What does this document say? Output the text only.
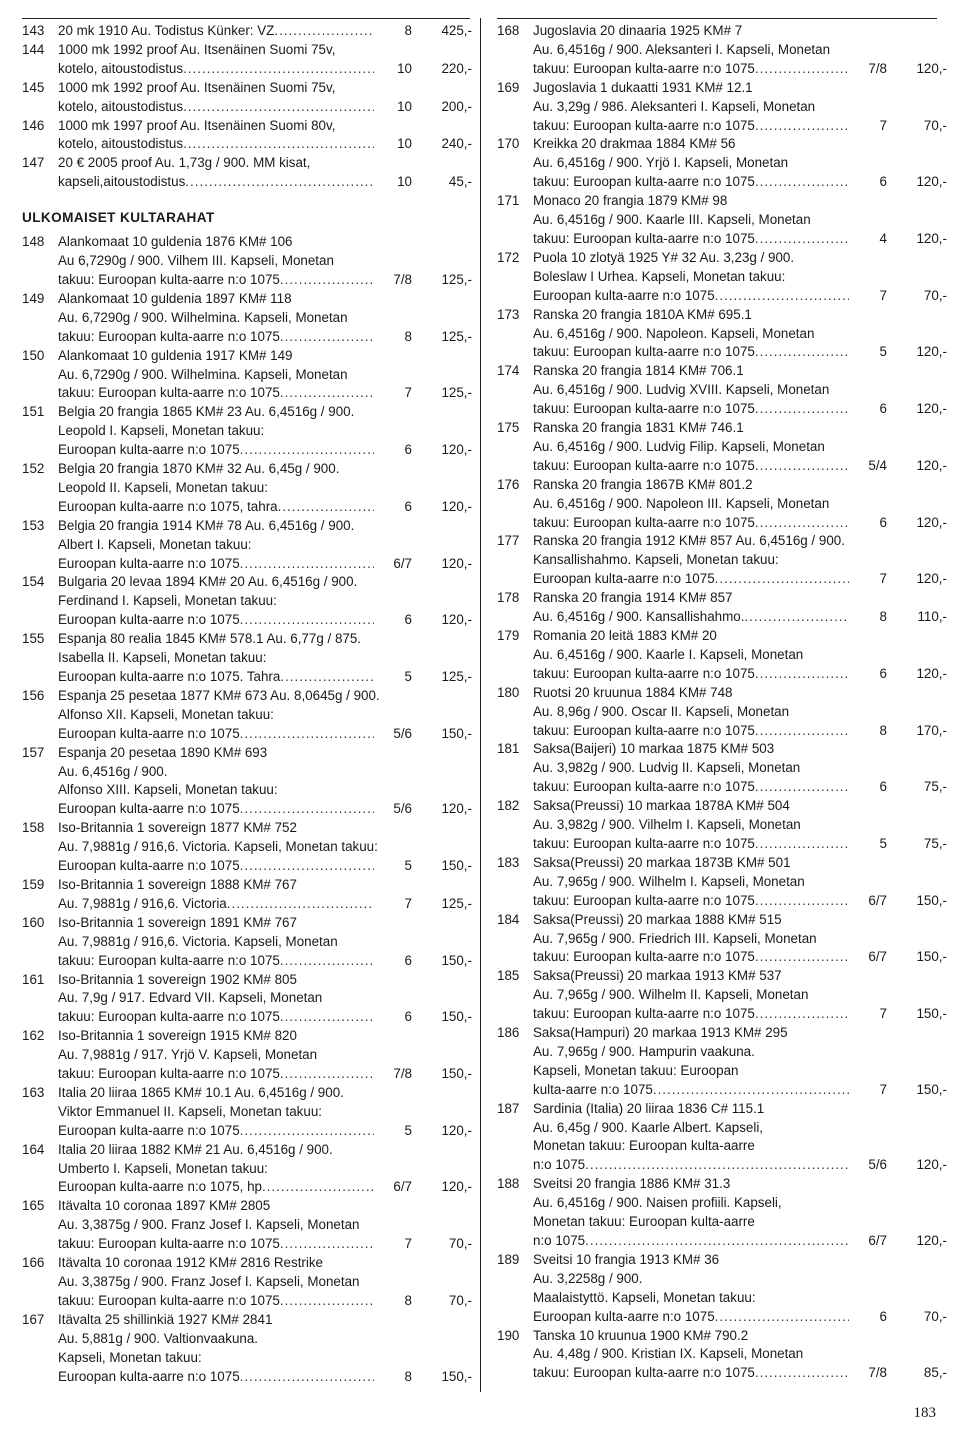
143	20 mk 1910 Au. Todistus Künker: VZ .....	8	425,-
144	1000 mk 1992 proof Au. Itsenäinen Suomi 75v,
kotelo, aitoustodistus .....	10	220,-
145	1000 mk 1992 proof Au. Itsenäinen Suomi 75v,
kotelo, aitoustodistus .....	10	200,-
146	1000 mk 1997 proof Au. Itsenäinen Suomi 80v,
kotelo, aitoustodistus .....	10	240,-
147	20 € 2005 proof Au. 1,73g / 900. MM kisat,
kapseli,aitoustodistus .....	10	45,-
ULKOMAISET KULTARAHAT
148	Alankomaat 10 guldenia 1876 KM# 106
Au 6,7290g / 900. Vilhem III. Kapseli, Monetan
takuu: Euroopan kulta-aarre n:o 1075 .....	7/8	125,-
149	Alankomaat 10 guldenia 1897 KM# 118
Au. 6,7290g / 900. Wilhelmina. Kapseli, Monetan
takuu: Euroopan kulta-aarre n:o 1075 .....	8	125,-
150	Alankomaat 10 guldenia 1917 KM# 149
Au. 6,7290g / 900. Wilhelmina. Kapseli, Monetan
takuu: Euroopan kulta-aarre n:o 1075 .....	7	125,-
151	Belgia 20 frangia 1865 KM# 23 Au. 6,4516g / 900.
Leopold I. Kapseli, Monetan takuu:
Euroopan kulta-aarre n:o 1075 .....	6	120,-
152	Belgia 20 frangia 1870 KM# 32 Au. 6,45g / 900.
Leopold II. Kapseli, Monetan takuu:
Euroopan kulta-aarre n:o 1075, tahra .....	6	120,-
153	Belgia 20 frangia 1914 KM# 78 Au. 6,4516g / 900.
Albert I. Kapseli, Monetan takuu:
Euroopan kulta-aarre n:o 1075 .....	6/7	120,-
154	Bulgaria 20 levaa 1894 KM# 20 Au. 6,4516g / 900.
Ferdinand I. Kapseli, Monetan takuu:
Euroopan kulta-aarre n:o 1075 .....	6	120,-
155	Espanja 80 realia 1845 KM# 578.1 Au. 6,77g / 875.
Isabella II. Kapseli, Monetan takuu:
Euroopan kulta-aarre n:o 1075. Tahra .....	5	125,-
156	Espanja 25 pesetaa 1877 KM# 673 Au. 8,0645g / 900.
Alfonso XII. Kapseli, Monetan takuu:
Euroopan kulta-aarre n:o 1075 .....	5/6	150,-
157	Espanja 20 pesetaa 1890 KM# 693
Au. 6,4516g / 900.
Alfonso XIII. Kapseli, Monetan takuu:
Euroopan kulta-aarre n:o 1075 .....	5/6	120,-
158	Iso-Britannia 1 sovereign 1877 KM# 752
Au. 7,9881g / 916,6. Victoria. Kapseli, Monetan takuu:
Euroopan kulta-aarre n:o 1075 .....	5	150,-
159	Iso-Britannia 1 sovereign 1888 KM# 767
Au. 7,9881g / 916,6. Victoria .....	7	125,-
160	Iso-Britannia 1 sovereign 1891 KM# 767
Au. 7,9881g / 916,6. Victoria. Kapseli, Monetan
takuu: Euroopan kulta-aarre n:o 1075 .....	6	150,-
161	Iso-Britannia 1 sovereign 1902 KM# 805
Au. 7,9g / 917. Edvard VII. Kapseli, Monetan
takuu: Euroopan kulta-aarre n:o 1075 .....	6	150,-
162	Iso-Britannia 1 sovereign 1915 KM# 820
Au. 7,9881g / 917. Yrjö V. Kapseli, Monetan
takuu: Euroopan kulta-aarre n:o 1075 .....	7/8	150,-
163	Italia 20 liiraa 1865 KM# 10.1 Au. 6,4516g / 900.
Viktor Emmanuel II. Kapseli, Monetan takuu:
Euroopan kulta-aarre n:o 1075 .....	5	120,-
164	Italia 20 liiraa 1882 KM# 21 Au. 6,4516g / 900.
Umberto I. Kapseli, Monetan takuu:
Euroopan kulta-aarre n:o 1075, hp .....	6/7	120,-
165	Itävalta 10 coronaa 1897 KM# 2805
Au. 3,3875g / 900. Franz Josef I. Kapseli, Monetan
takuu: Euroopan kulta-aarre n:o 1075 .....	7	70,-
166	Itävalta 10 coronaa 1912 KM# 2816 Restrike
Au. 3,3875g / 900. Franz Josef I. Kapseli, Monetan
takuu: Euroopan kulta-aarre n:o 1075 .....	8	70,-
167	Itävalta 25 shillinkiä 1927 KM# 2841
Au. 5,881g / 900. Valtionvaakuna.
Kapseli, Monetan takuu:
Euroopan kulta-aarre n:o 1075 .....	8	150,-
168	Jugoslavia 20 dinaaria 1925 KM# 7
Au. 6,4516g / 900. Aleksanteri I. Kapseli, Monetan
takuu: Euroopan kulta-aarre n:o 1075 .....	7/8	120,-
169	Jugoslavia 1 dukaatti 1931 KM# 12.1
Au. 3,29g / 986. Aleksanteri I. Kapseli, Monetan
takuu: Euroopan kulta-aarre n:o 1075 .....	7	70,-
170	Kreikka 20 drakmaa 1884 KM# 56
Au. 6,4516g / 900. Yrjö I. Kapseli, Monetan
takuu: Euroopan kulta-aarre n:o 1075 .....	6	120,-
171	Monaco 20 frangia 1879 KM# 98
Au. 6,4516g / 900. Kaarle III. Kapseli, Monetan
takuu: Euroopan kulta-aarre n:o 1075 .....	4	120,-
172	Puola 10 zlotyä 1925 Y# 32 Au. 3,23g / 900.
Boleslaw I Urhea. Kapseli, Monetan takuu:
Euroopan kulta-aarre n:o 1075 .....	7	70,-
173	Ranska 20 frangia 1810A KM# 695.1
Au. 6,4516g / 900. Napoleon. Kapseli, Monetan
takuu: Euroopan kulta-aarre n:o 1075 .....	5	120,-
174	Ranska 20 frangia 1814 KM# 706.1
Au. 6,4516g / 900. Ludvig XVIII. Kapseli, Monetan
takuu: Euroopan kulta-aarre n:o 1075 .....	6	120,-
175	Ranska 20 frangia 1831 KM# 746.1
Au. 6,4516g / 900. Ludvig Filip. Kapseli, Monetan
takuu: Euroopan kulta-aarre n:o 1075 .....	5/4	120,-
176	Ranska 20 frangia 1867B KM# 801.2
Au. 6,4516g / 900. Napoleon III. Kapseli, Monetan
takuu: Euroopan kulta-aarre n:o 1075 .....	6	120,-
177	Ranska 20 frangia 1912 KM# 857 Au. 6,4516g / 900.
Kansallishahmo. Kapseli, Monetan takuu:
Euroopan kulta-aarre n:o 1075 .....	7	120,-
178	Ranska 20 frangia 1914 KM# 857
Au. 6,4516g / 900. Kansallishahmo. .....	8	110,-
179	Romania 20 leitä 1883 KM# 20
Au. 6,4516g / 900. Kaarle I. Kapseli, Monetan
takuu: Euroopan kulta-aarre n:o 1075 .....	6	120,-
180	Ruotsi 20 kruunua 1884 KM# 748
Au. 8,96g / 900. Oscar II. Kapseli, Monetan
takuu: Euroopan kulta-aarre n:o 1075 .....	8	170,-
181	Saksa(Baijeri) 10 markaa 1875 KM# 503
Au. 3,982g / 900. Ludvig II. Kapseli, Monetan
takuu: Euroopan kulta-aarre n:o 1075 .....	6	75,-
182	Saksa(Preussi) 10 markaa 1878A KM# 504
Au. 3,982g / 900. Vilhelm I. Kapseli, Monetan
takuu: Euroopan kulta-aarre n:o 1075 .....	5	75,-
183	Saksa(Preussi) 20 markaa 1873B KM# 501
Au. 7,965g / 900. Wilhelm I. Kapseli, Monetan
takuu: Euroopan kulta-aarre n:o 1075 .....	6/7	150,-
184	Saksa(Preussi) 20 markaa 1888 KM# 515
Au. 7,965g / 900. Friedrich III. Kapseli, Monetan
takuu: Euroopan kulta-aarre n:o 1075 .....	6/7	150,-
185	Saksa(Preussi) 20 markaa 1913 KM# 537
Au. 7,965g / 900. Wilhelm II. Kapseli, Monetan
takuu: Euroopan kulta-aarre n:o 1075 .....	7	150,-
186	Saksa(Hampuri) 20 markaa 1913 KM# 295
Au. 7,965g / 900. Hampurin vaakuna.
Kapseli, Monetan takuu: Euroopan
kulta-aarre n:o 1075 .....	7	150,-
187	Sardinia (Italia) 20 liiraa 1836 C# 115.1
Au. 6,45g / 900. Kaarle Albert. Kapseli,
Monetan takuu: Euroopan kulta-aarre
n:o 1075 .....	5/6	120,-
188	Sveitsi 20 frangia 1886 KM# 31.3
Au. 6,4516g / 900. Naisen profiili. Kapseli,
Monetan takuu: Euroopan kulta-aarre
n:o 1075 .....	6/7	120,-
189	Sveitsi 10 frangia 1913 KM# 36
Au. 3,2258g / 900.
Maalaistyttö. Kapseli, Monetan takuu:
Euroopan kulta-aarre n:o 1075 .....	6	70,-
190	Tanska 10 kruunua 1900 KM# 790.2
Au. 4,48g / 900. Kristian IX. Kapseli, Monetan
takuu: Euroopan kulta-aarre n:o 1075 .....	7/8	85,-
183
